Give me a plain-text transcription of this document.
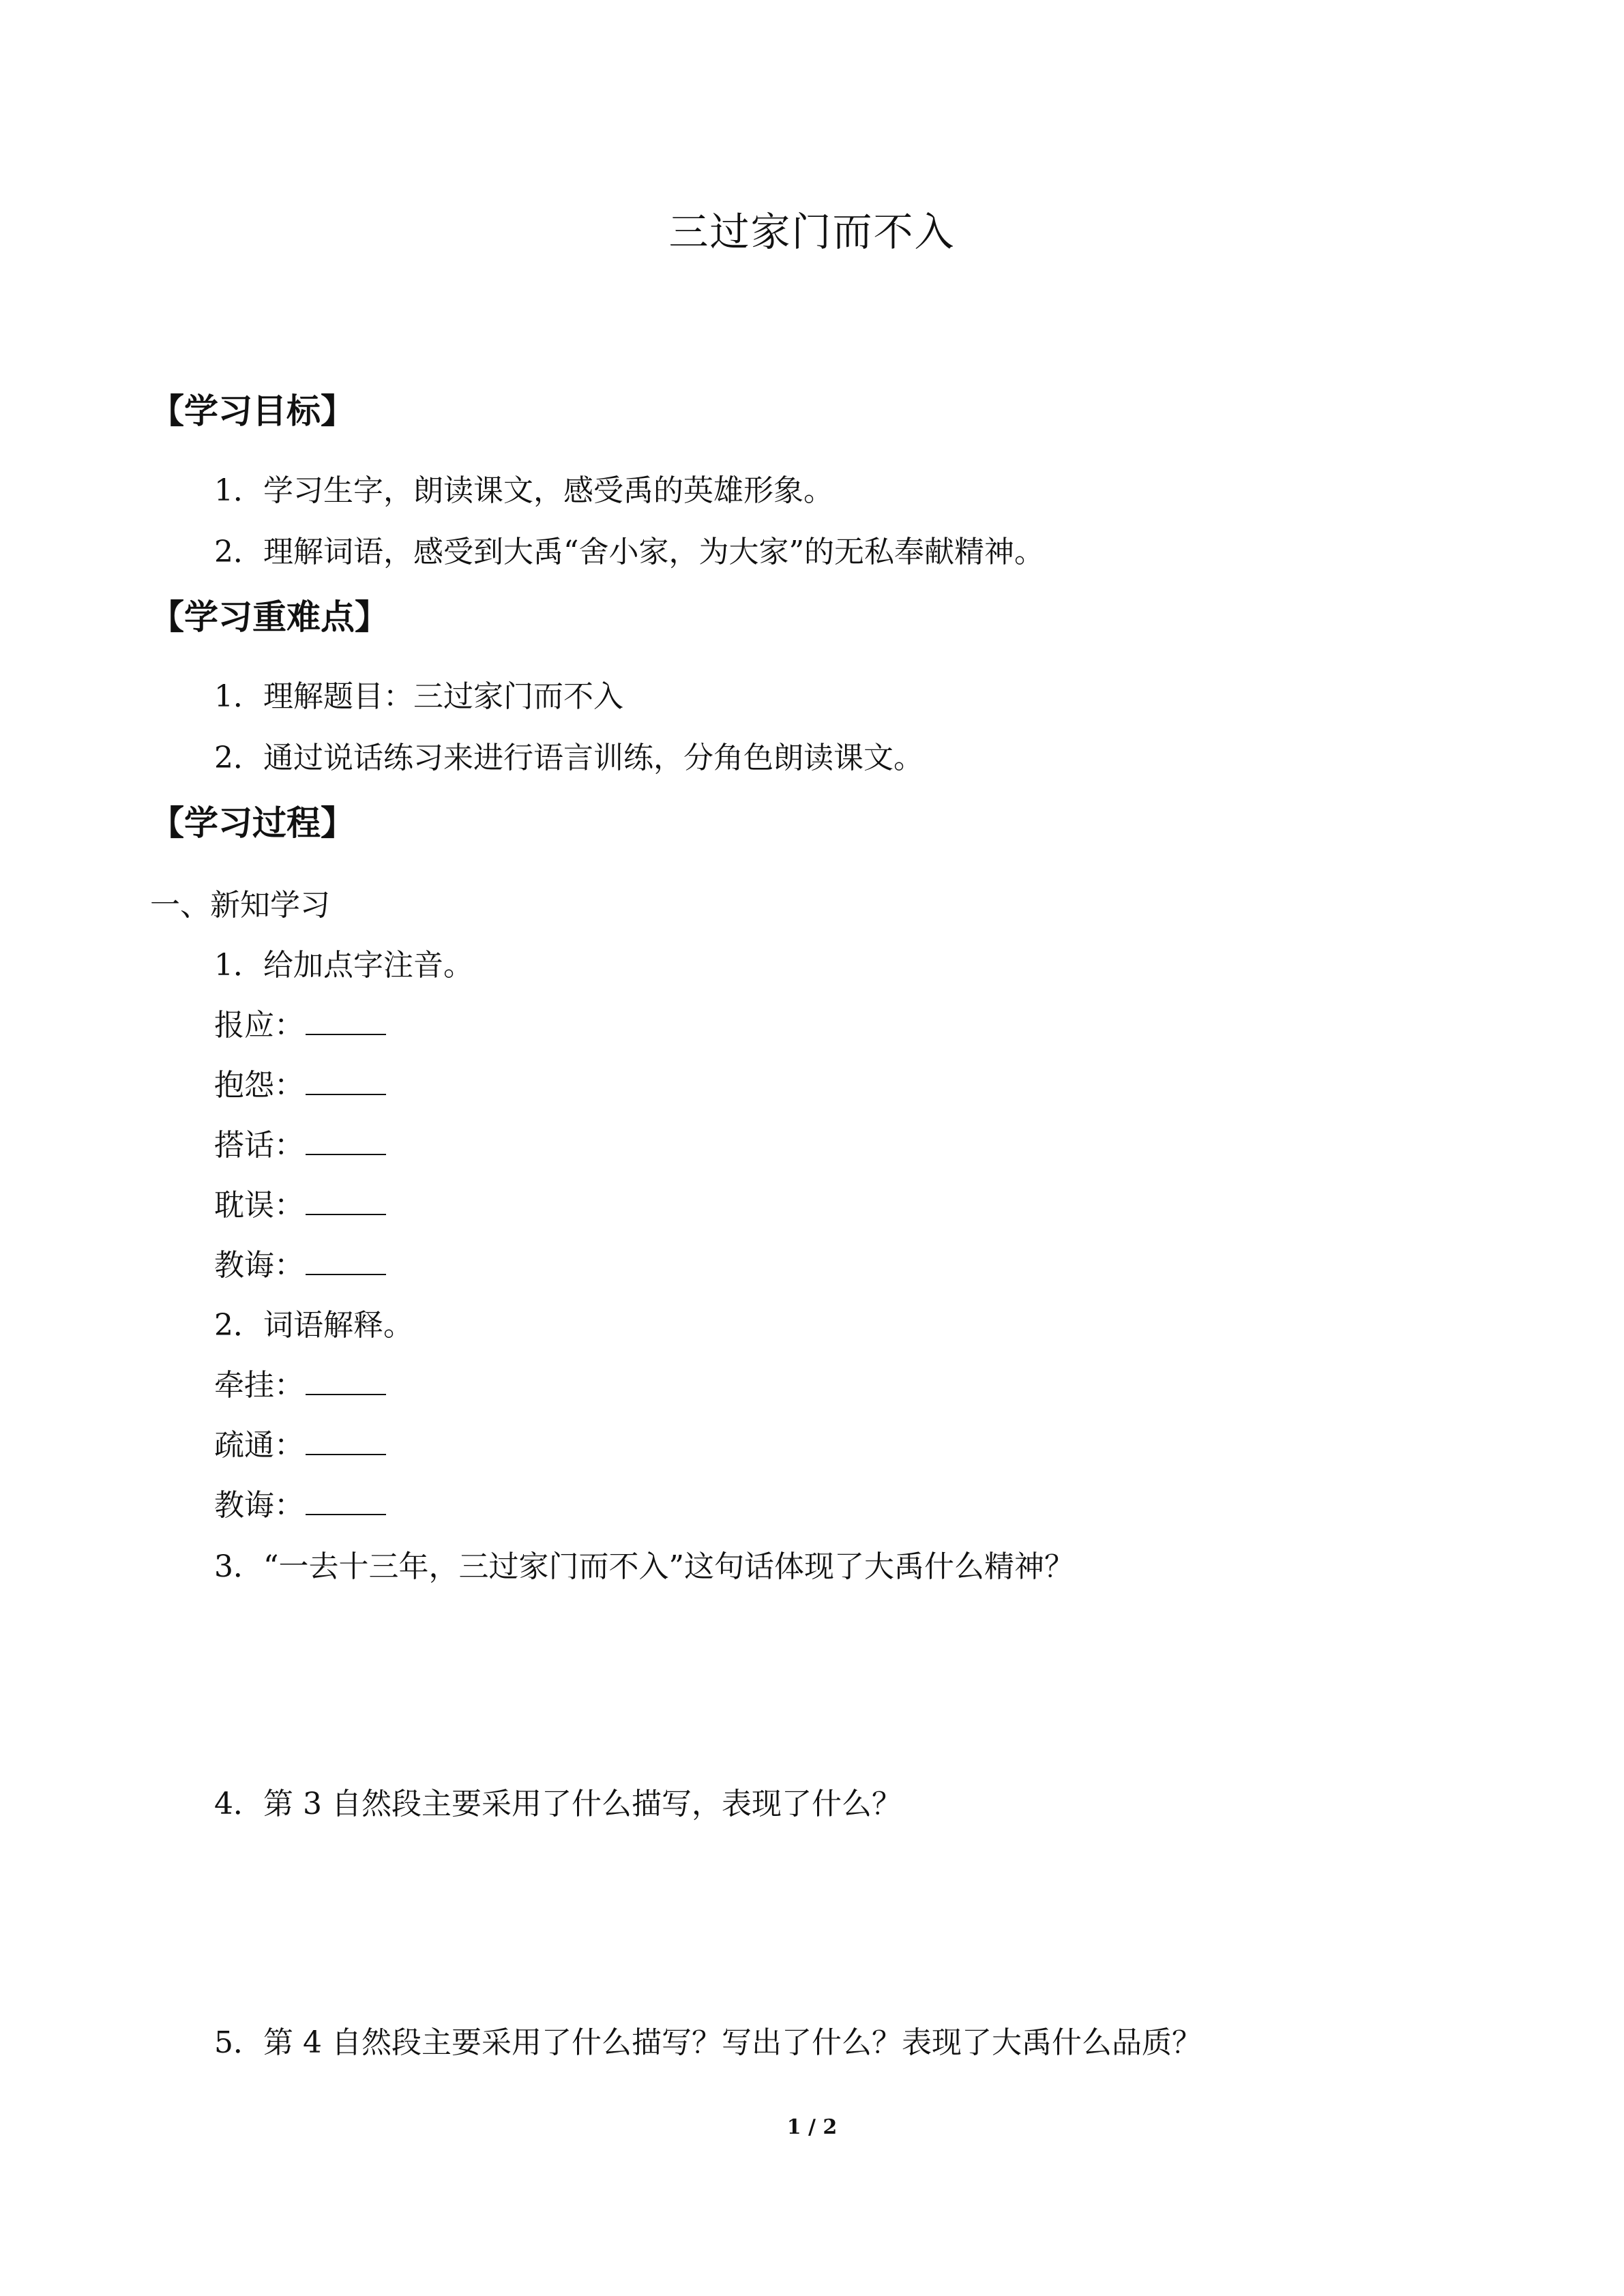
三过家门而不入
【学习目标】
1．学习生字，朗读课文，感受禹的英雄形象。
2．理解词语，感受到大禹“舍小家，为大家”的无私奉献精神。
【学习重难点】
1．理解题目：三过家门而不入
2．通过说话练习来进行语言训练，分角色朗读课文。
【学习过程】
一、新知学习
1．给加点字注音。
报应：
抱怨：
搭话：
耽误：
教诲：
2．词语解释。
牵挂：
疏通：
教诲：
3．“一去十三年，三过家门而不入”这句话体现了大禹什么精神？
4．第 3 自然段主要采用了什么描写，表现了什么？
5．第 4 自然段主要采用了什么描写？写出了什么？表现了大禹什么品质？
1 / 2
